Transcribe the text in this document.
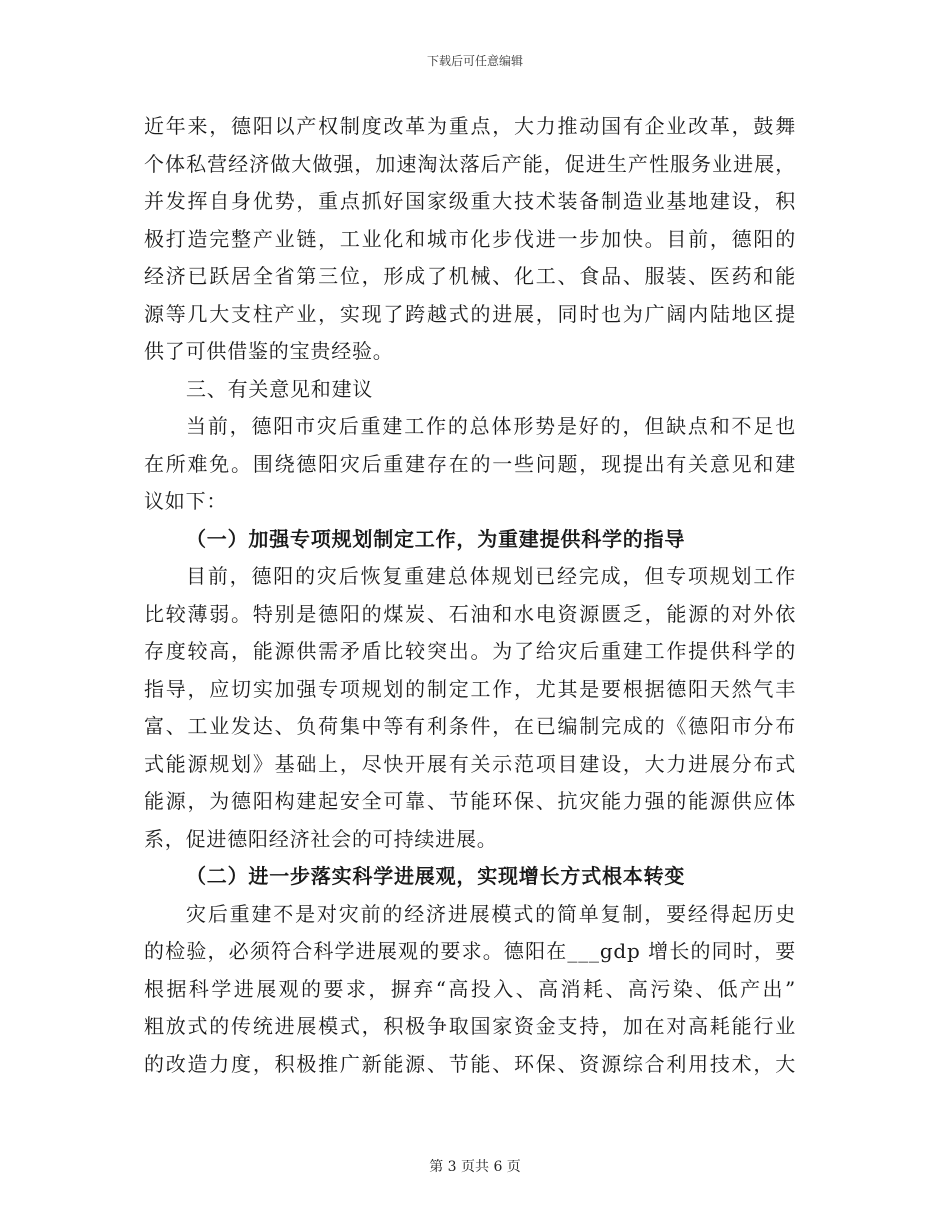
下载后可任意编辑
近年来，德阳以产权制度改革为重点，大力推动国有企业改革，鼓舞
个体私营经济做大做强，加速淘汰落后产能，促进生产性服务业进展，
并发挥自身优势，重点抓好国家级重大技术装备制造业基地建设，积
极打造完整产业链，工业化和城市化步伐进一步加快。目前，德阳的
经济已跃居全省第三位，形成了机械、化工、食品、服装、医药和能
源等几大支柱产业，实现了跨越式的进展，同时也为广阔内陆地区提
供了可供借鉴的宝贵经验。
三、有关意见和建议
当前，德阳市灾后重建工作的总体形势是好的，但缺点和不足也
在所难免。围绕德阳灾后重建存在的一些问题，现提出有关意见和建
议如下：
（一）加强专项规划制定工作，为重建提供科学的指导
目前，德阳的灾后恢复重建总体规划已经完成，但专项规划工作
比较薄弱。特别是德阳的煤炭、石油和水电资源匮乏，能源的对外依
存度较高，能源供需矛盾比较突出。为了给灾后重建工作提供科学的
指导，应切实加强专项规划的制定工作，尤其是要根据德阳天然气丰
富、工业发达、负荷集中等有利条件，在已编制完成的《德阳市分布
式能源规划》基础上，尽快开展有关示范项目建设，大力进展分布式
能源，为德阳构建起安全可靠、节能环保、抗灾能力强的能源供应体
系，促进德阳经济社会的可持续进展。
（二）进一步落实科学进展观，实现增长方式根本转变
灾后重建不是对灾前的经济进展模式的简单复制，要经得起历史
的检验，必须符合科学进展观的要求。德阳在___gdp 增长的同时，要
根据科学进展观的要求，摒弃“高投入、高消耗、高污染、低产出”
粗放式的传统进展模式，积极争取国家资金支持，加在对高耗能行业
的改造力度，积极推广新能源、节能、环保、资源综合利用技术，大
第 3 页共 6 页
